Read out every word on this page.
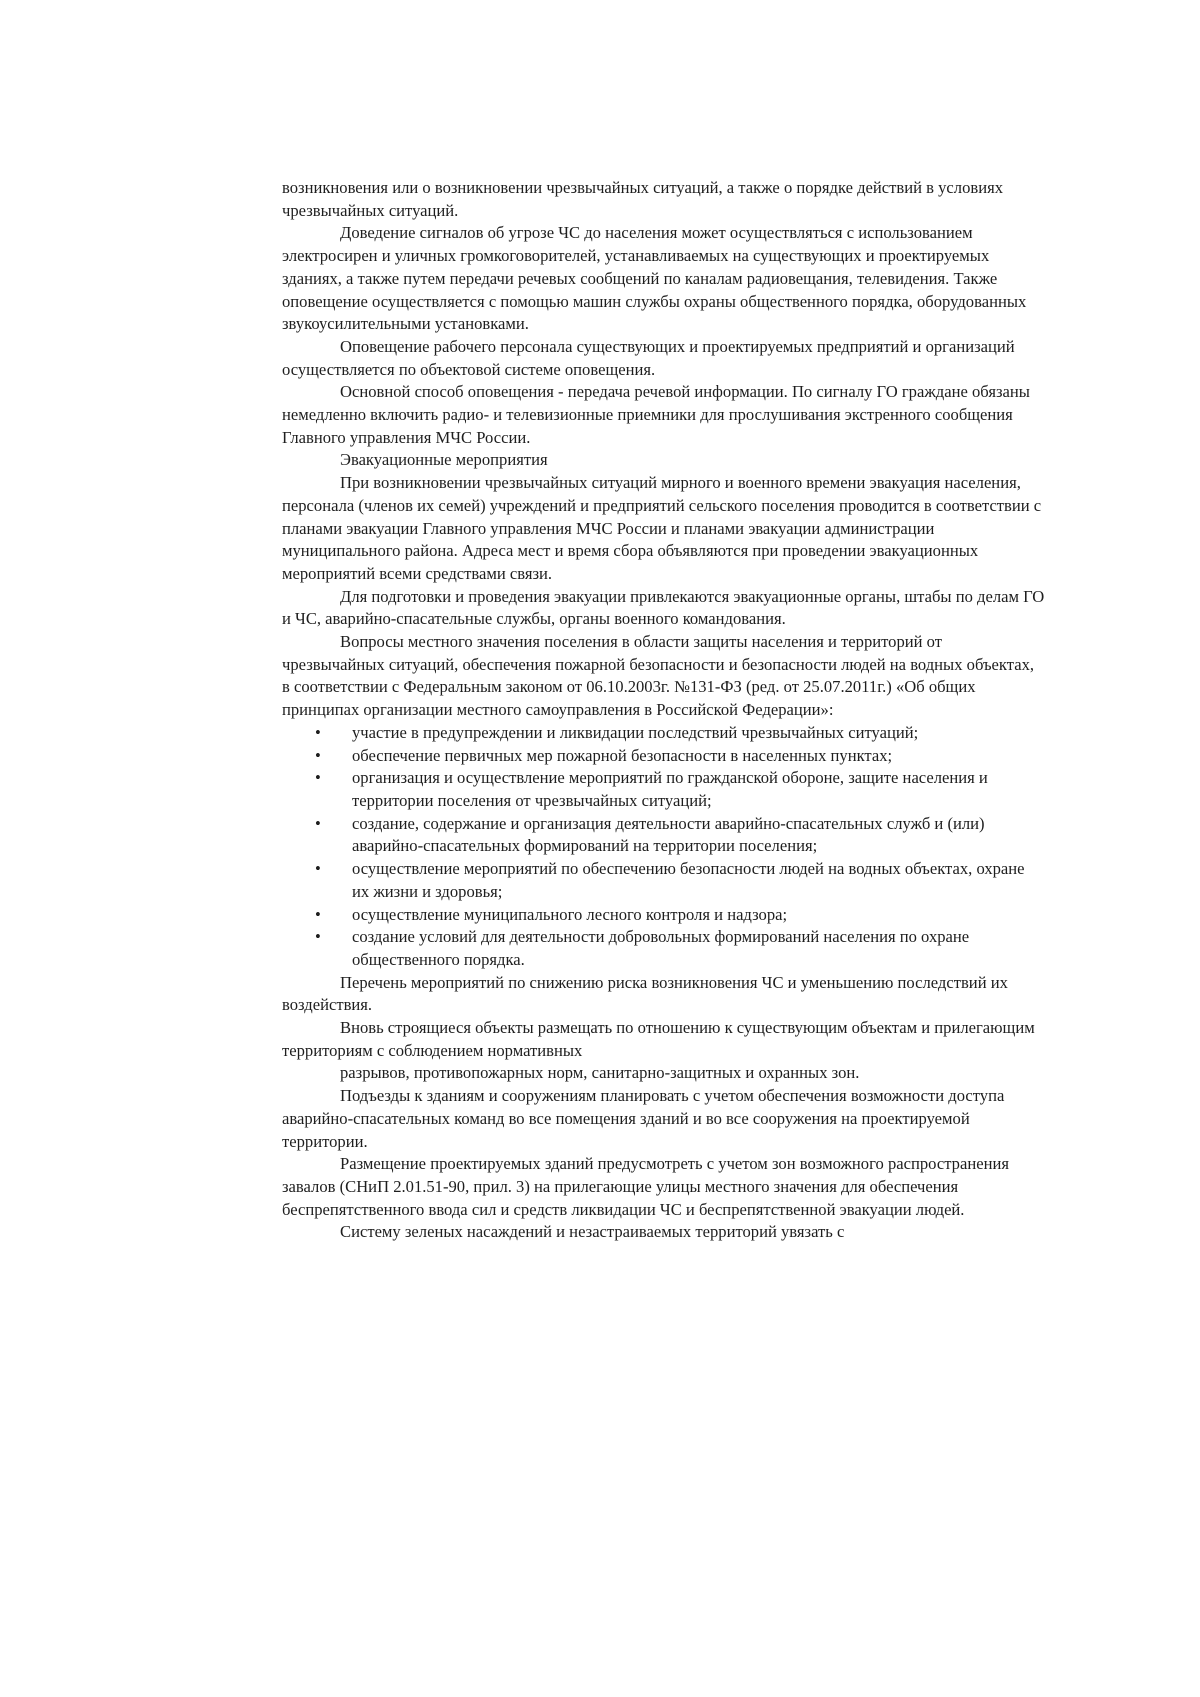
возникновения или о возникновении чрезвычайных ситуаций, а также о порядке действий в условиях чрезвычайных ситуаций.

Доведение сигналов об угрозе ЧС до населения может осуществляться с использованием электросирен и уличных громкоговорителей, устанавливаемых на существующих и проектируемых зданиях, а также путем передачи речевых сообщений по каналам радиовещания, телевидения. Также оповещение осуществляется с помощью машин службы охраны общественного порядка, оборудованных звукоусилительными установками.

Оповещение рабочего персонала существующих и проектируемых предприятий и организаций осуществляется по объектовой системе оповещения.

Основной способ оповещения - передача речевой информации. По сигналу ГО граждане обязаны немедленно включить радио- и телевизионные приемники для прослушивания экстренного сообщения Главного управления МЧС России.

Эвакуационные мероприятия

При возникновении чрезвычайных ситуаций мирного и военного времени эвакуация населения, персонала (членов их семей) учреждений и предприятий сельского поселения проводится в соответствии с планами эвакуации Главного управления МЧС России и планами эвакуации администрации муниципального района. Адреса мест и время сбора объявляются при проведении эвакуационных мероприятий всеми средствами связи.

Для подготовки и проведения эвакуации привлекаются эвакуационные органы, штабы по делам ГО и ЧС, аварийно-спасательные службы, органы военного командования.

Вопросы местного значения поселения в области защиты населения и территорий от чрезвычайных ситуаций, обеспечения пожарной безопасности и безопасности людей на водных объектах, в соответствии с Федеральным законом от 06.10.2003г. №131-ФЗ (ред. от 25.07.2011г.) «Об общих принципах организации местного самоуправления в Российской Федерации»:

• участие в предупреждении и ликвидации последствий чрезвычайных ситуаций;
• обеспечение первичных мер пожарной безопасности в населенных пунктах;
• организация и осуществление мероприятий по гражданской обороне, защите населения и территории поселения от чрезвычайных ситуаций;
• создание, содержание и организация деятельности аварийно-спасательных служб и (или) аварийно-спасательных формирований на территории поселения;
• осуществление мероприятий по обеспечению безопасности людей на водных объектах, охране их жизни и здоровья;
• осуществление муниципального лесного контроля и надзора;
• создание условий для деятельности добровольных формирований населения по охране общественного порядка.

Перечень мероприятий по снижению риска возникновения ЧС и уменьшению последствий их воздействия.

Вновь строящиеся объекты размещать по отношению к существующим объектам и прилегающим территориям с соблюдением нормативных

разрывов, противопожарных норм, санитарно-защитных и охранных зон.

Подъезды к зданиям и сооружениям планировать с учетом обеспечения возможности доступа аварийно-спасательных команд во все помещения зданий и во все сооружения на проектируемой территории.

Размещение проектируемых зданий предусмотреть с учетом зон возможного распространения завалов (СНиП 2.01.51-90, прил. 3) на прилегающие улицы местного значения для обеспечения беспрепятственного ввода сил и средств ликвидации ЧС и беспрепятственной эвакуации людей.

Систему зеленых насаждений и незастраиваемых территорий увязать с
